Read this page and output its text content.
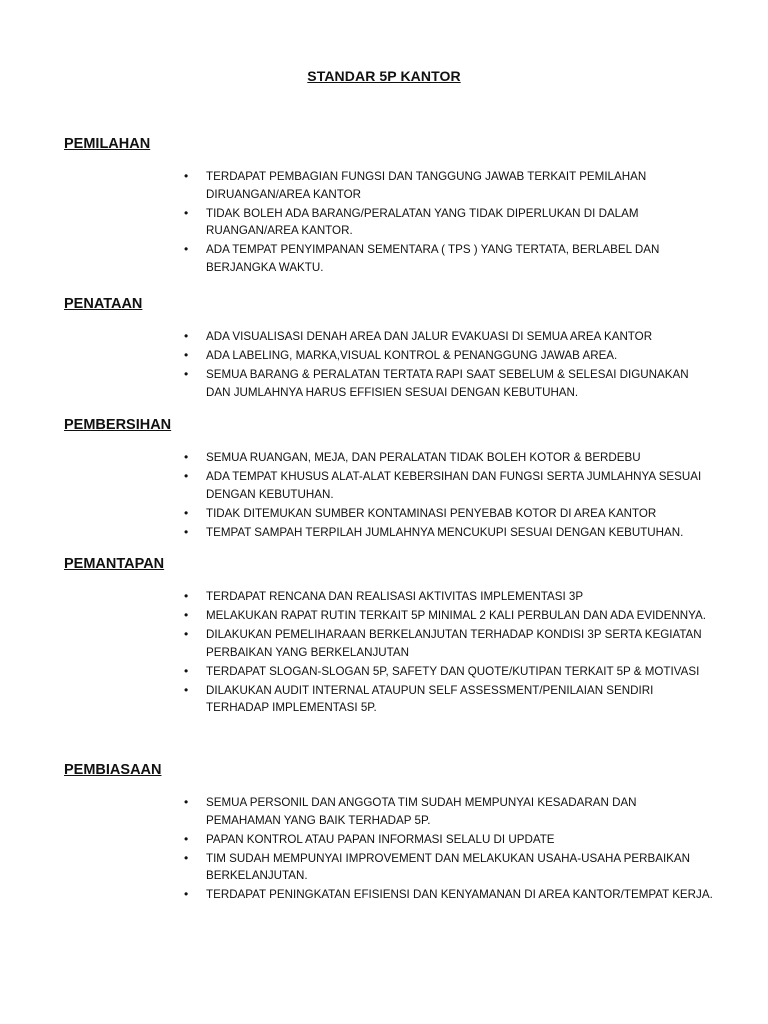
STANDAR 5P KANTOR
PEMILAHAN
• TERDAPAT PEMBAGIAN FUNGSI DAN TANGGUNG JAWAB TERKAIT PEMILAHAN DIRUANGAN/AREA KANTOR
• TIDAK BOLEH ADA BARANG/PERALATAN YANG TIDAK DIPERLUKAN DI DALAM RUANGAN/AREA KANTOR.
• ADA TEMPAT PENYIMPANAN SEMENTARA ( TPS ) YANG TERTATA, BERLABEL DAN BERJANGKA WAKTU.
PENATAAN
• ADA VISUALISASI DENAH AREA DAN JALUR EVAKUASI DI SEMUA AREA KANTOR
• ADA LABELING, MARKA,VISUAL KONTROL & PENANGGUNG JAWAB AREA.
• SEMUA BARANG & PERALATAN TERTATA RAPI SAAT SEBELUM & SELESAI DIGUNAKAN DAN JUMLAHNYA HARUS EFFISIEN SESUAI DENGAN KEBUTUHAN.
PEMBERSIHAN
• SEMUA RUANGAN, MEJA, DAN PERALATAN TIDAK BOLEH KOTOR & BERDEBU
• ADA TEMPAT KHUSUS ALAT-ALAT KEBERSIHAN DAN FUNGSI SERTA JUMLAHNYA SESUAI DENGAN KEBUTUHAN.
• TIDAK DITEMUKAN SUMBER KONTAMINASI PENYEBAB KOTOR DI AREA KANTOR
• TEMPAT SAMPAH TERPILAH JUMLAHNYA MENCUKUPI SESUAI DENGAN KEBUTUHAN.
PEMANTAPAN
• TERDAPAT RENCANA DAN REALISASI AKTIVITAS IMPLEMENTASI 3P
• MELAKUKAN RAPAT RUTIN TERKAIT 5P MINIMAL 2 KALI PERBULAN DAN ADA EVIDENNYA.
• DILAKUKAN PEMELIHARAAN BERKELANJUTAN TERHADAP KONDISI 3P SERTA KEGIATAN PERBAIKAN YANG BERKELANJUTAN
• TERDAPAT SLOGAN-SLOGAN 5P, SAFETY DAN QUOTE/KUTIPAN TERKAIT 5P & MOTIVASI
• DILAKUKAN AUDIT INTERNAL ATAUPUN SELF ASSESSMENT/PENILAIAN SENDIRI TERHADAP IMPLEMENTASI 5P.
PEMBIASAAN
• SEMUA PERSONIL DAN ANGGOTA TIM SUDAH MEMPUNYAI KESADARAN DAN PEMAHAMAN YANG BAIK TERHADAP 5P.
• PAPAN KONTROL ATAU PAPAN INFORMASI SELALU DI UPDATE
• TIM SUDAH MEMPUNYAI IMPROVEMENT DAN MELAKUKAN USAHA-USAHA PERBAIKAN BERKELANJUTAN.
• TERDAPAT PENINGKATAN EFISIENSI DAN KENYAMANAN DI AREA KANTOR/TEMPAT KERJA.
